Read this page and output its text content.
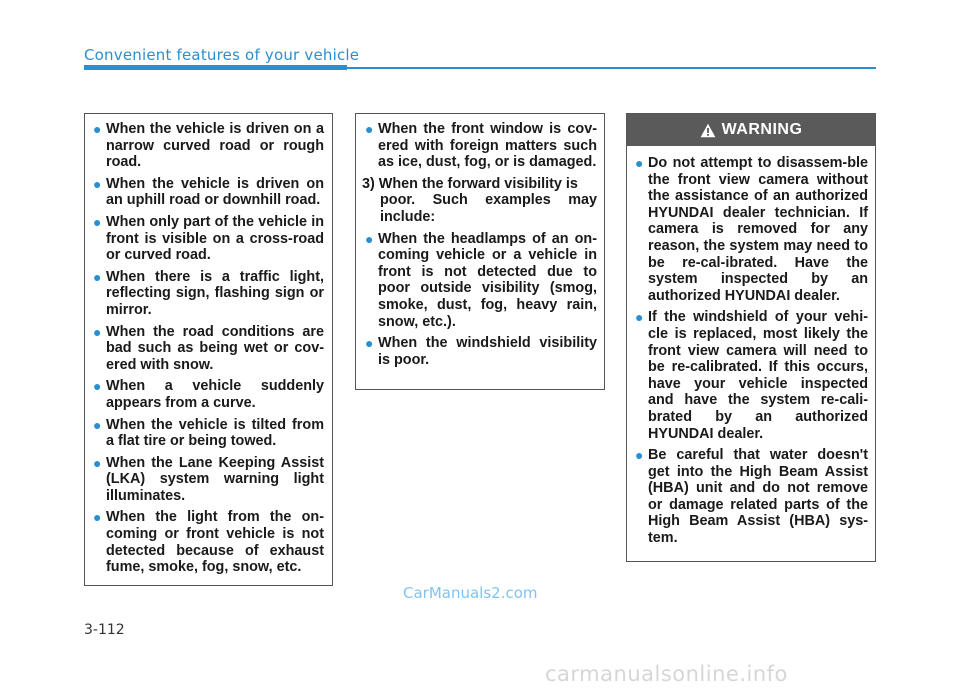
Convenient features of your vehicle
● When the vehicle is driven on a narrow curved road or rough road.
● When the vehicle is driven on an uphill road or downhill road.
● When only part of the vehicle in front is visible on a cross-road or curved road.
● When there is a traffic light, reflecting sign, flashing sign or mirror.
● When the road conditions are bad such as being wet or cov-ered with snow.
● When a vehicle suddenly appears from a curve.
● When the vehicle is tilted from a flat tire or being towed.
● When the Lane Keeping Assist (LKA) system warning light illuminates.
● When the light from the on-coming or front vehicle is not detected because of exhaust fume, smoke, fog, snow, etc.
● When the front window is cov-ered with foreign matters such as ice, dust, fog, or is damaged.
3) When the forward visibility is
poor. Such examples may include:
● When the headlamps of an on-coming vehicle or a vehicle in front is not detected due to poor outside visibility (smog, smoke, dust, fog, heavy rain, snow, etc.).
● When the windshield visibility is poor.
WARNING
● Do not attempt to disassem-ble the front view camera without the assistance of an authorized HYUNDAI dealer technician. If camera is removed for any reason, the system may need to be re-cal-ibrated. Have the system inspected by an authorized HYUNDAI dealer.
● If the windshield of your vehi-cle is replaced, most likely the front view camera will need to be re-calibrated. If this occurs, have your vehicle inspected and have the system re-cali-brated by an authorized HYUNDAI dealer.
● Be careful that water doesn't get into the High Beam Assist (HBA) unit and do not remove or damage related parts of the High Beam Assist (HBA) sys-tem.
CarManuals2.com
3-112
carmanualsonline.info
